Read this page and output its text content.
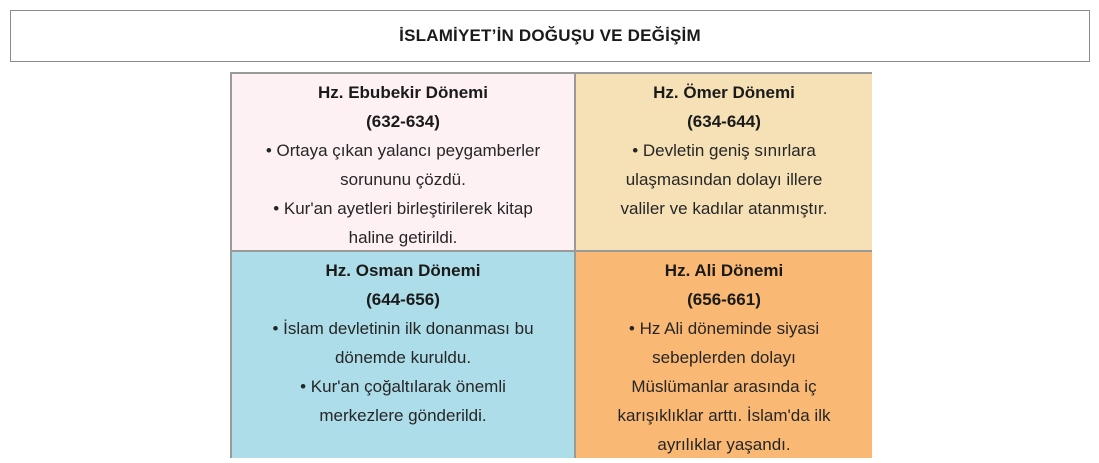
İSLAMİYET’İN DOĞUŞU VE DEĞİŞİM
Hz. Ebubekir Dönemi
(632-634)
• Ortaya çıkan yalancı peygamberler
sorununu çözdü.
• Kur'an ayetleri birleştirilerek kitap
haline getirildi.
Hz. Ömer Dönemi
(634-644)
• Devletin geniş sınırlara
ulaşmasından dolayı illere
valiler ve kadılar atanmıştır.
Hz. Osman Dönemi
(644-656)
• İslam devletinin ilk donanması bu
dönemde kuruldu.
• Kur'an çoğaltılarak önemli
merkezlere gönderildi.
Hz. Ali Dönemi
(656-661)
• Hz Ali döneminde siyasi
sebeplerden dolayı
Müslümanlar arasında iç
karışıklıklar arttı. İslam'da ilk
ayrılıklar yaşandı.
